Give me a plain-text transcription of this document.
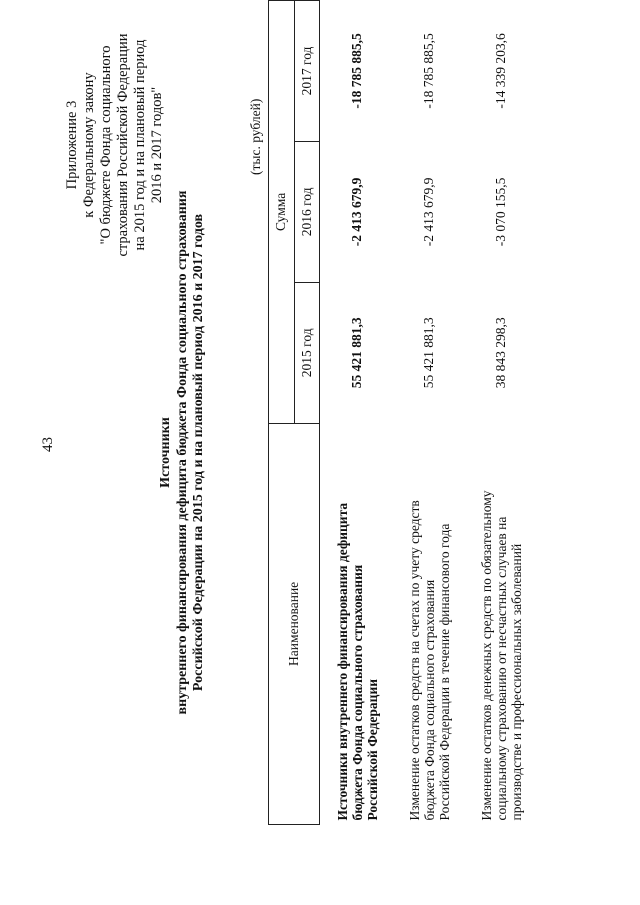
43
Приложение 3 к Федеральному закону "О бюджете Фонда социального страхования Российской Федерации на 2015 год и на плановый период 2016 и 2017 годов"
Источники внутреннего финансирования дефицита бюджета Фонда социального страхования Российской Федерации на 2015 год и на плановый период 2016 и 2017 годов
(тыс. рублей)
Наименование	Сумма		
	2015 год	2016 год	2017 год

Источники внутреннего финансирования дефицита бюджета Фонда социального страхования Российской Федерации	55 421 881,3	-2 413 679,9	-18 785 885,5

Изменение остатков средств на счетах по учету средств бюджета Фонда социального страхования Российской Федерации в течение финансового года	55 421 881,3	-2 413 679,9	-18 785 885,5

Изменение остатков денежных средств по обязательному социальному страхованию от несчастных случаев на производстве и профессиональных заболеваний	38 843 298,3	-3 070 155,5	-14 339 203,6
